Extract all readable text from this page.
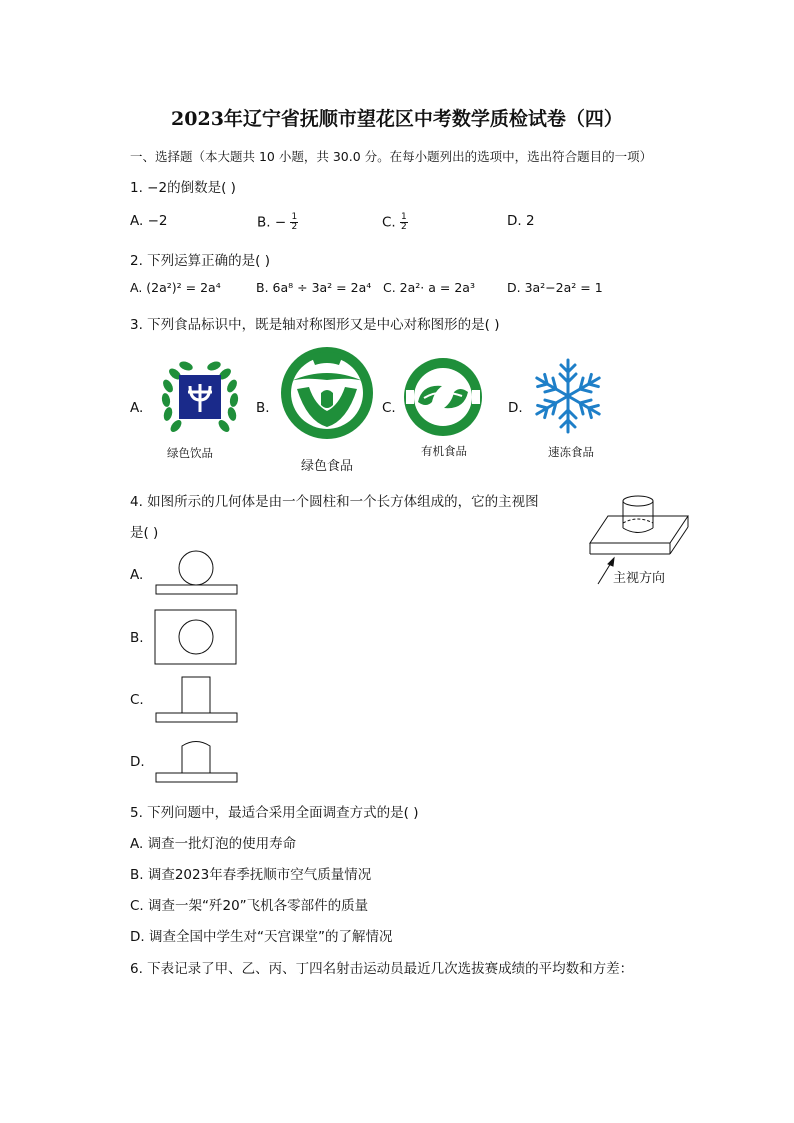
2023年辽宁省抚顺市望花区中考数学质检试卷（四）
一、选择题（本大题共 10 小题，共 30.0 分。在每小题列出的选项中，选出符合题目的一项）
1. −2的倒数是( )
A. −2	B. − $\frac{1}{2}$	C. $\frac{1}{2}$	D. 2
2. 下列运算正确的是( )
A. (2a²)² = 2a⁴	B. 6a⁸ ÷ 3a² = 2a⁴ C. 2a²· a = 2a³	D. 3a²−2a² = 1
3. 下列食品标识中，既是轴对称图形又是中心对称图形的是( )
A.	B.	C.	D.
绿色饮品
绿色食品
有机食品	速冻食品
4. 如图所示的几何体是由一个圆柱和一个长方体组成的，它的主视图
是( )
主视方向
A.
B.
C.
D.
5. 下列问题中，最适合采用全面调查方式的是( )
A. 调查一批灯泡的使用寿命
B. 调查2023年春季抚顺市空气质量情况
C. 调查一架“歼20”飞机各零部件的质量
D. 调查全国中学生对“天宫课堂”的了解情况
6. 下表记录了甲、乙、丙、丁四名射击运动员最近几次选拔赛成绩的平均数和方差：
